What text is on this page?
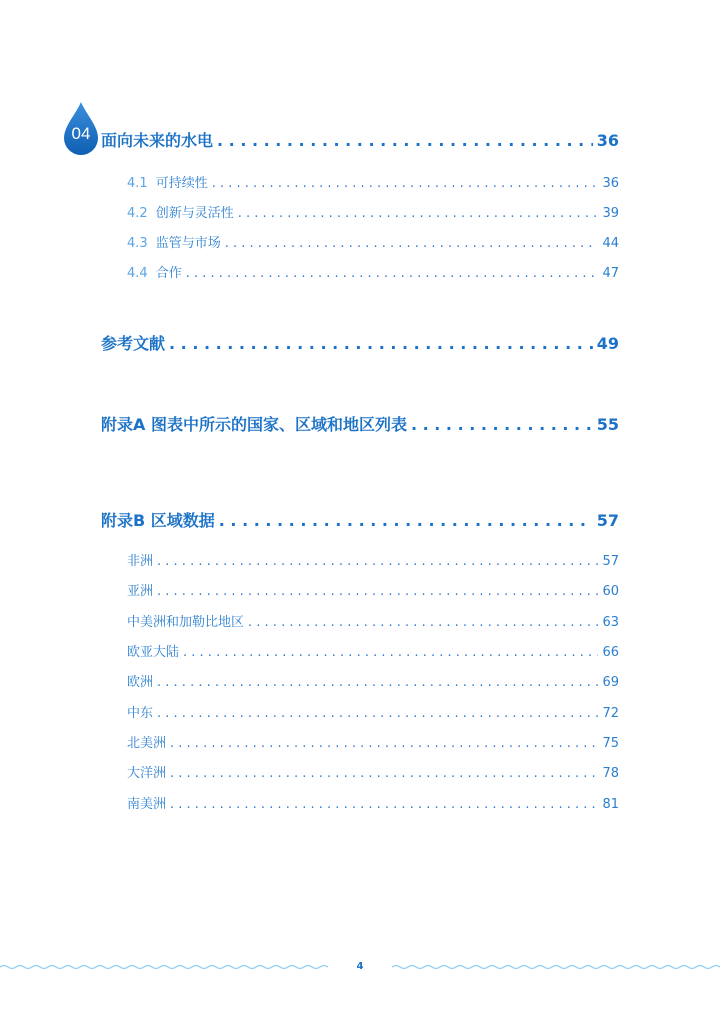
04 面向未来的水电 . . .	36
4.1 可持续性 . . .	36
4.2 创新与灵活性 . . .	39
4.3 监管与市场 . . .	44
4.4 合作 . . .	47
参考文献 . . .	49
附录A 图表中所示的国家、区域和地区列表 . . .	55
附录B 区域数据 . . .	57
非洲 . . .	57
亚洲 . . .	60
中美洲和加勒比地区 . . .	63
欧亚大陆 . . .	66
欧洲 . . .	69
中东 . . .	72
北美洲 . . .	75
大洋洲 . . .	78
南美洲 . . .	81
4
